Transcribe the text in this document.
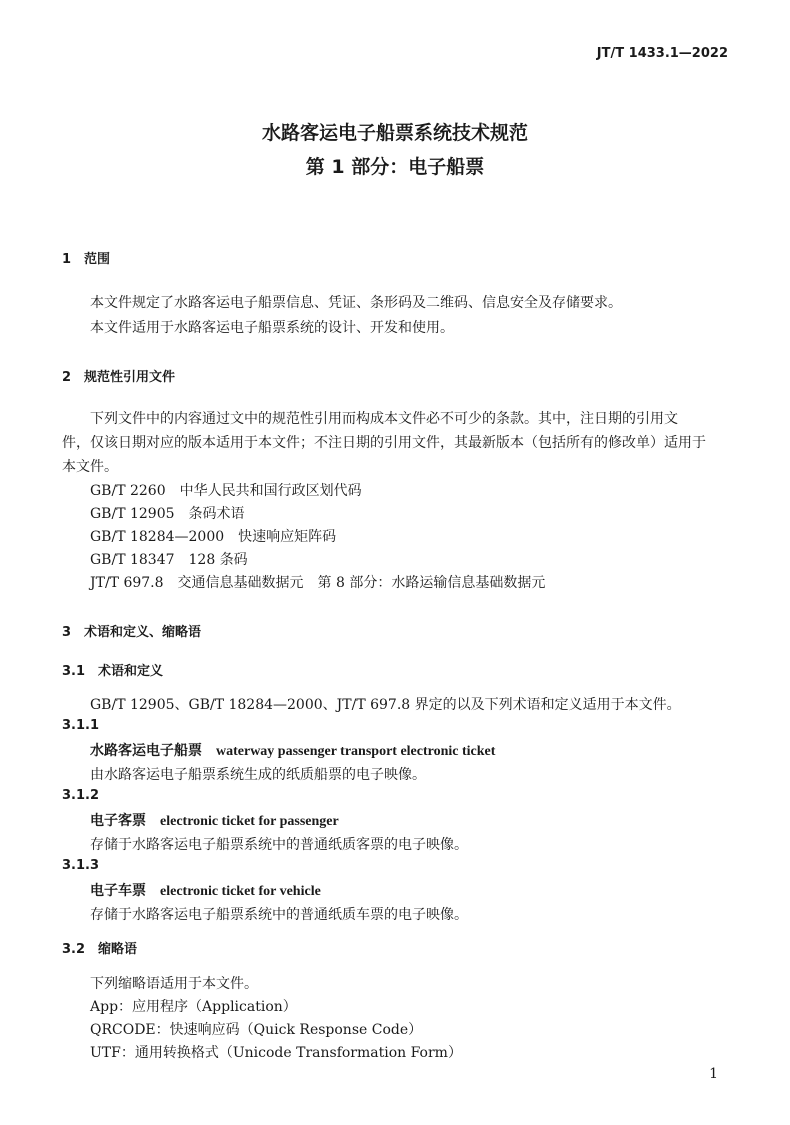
JT/T 1433.1—2022
水路客运电子船票系统技术规范
第 1 部分：电子船票
1　范围
本文件规定了水路客运电子船票信息、凭证、条形码及二维码、信息安全及存储要求。
本文件适用于水路客运电子船票系统的设计、开发和使用。
2　规范性引用文件
下列文件中的内容通过文中的规范性引用而构成本文件必不可少的条款。其中，注日期的引用文
件，仅该日期对应的版本适用于本文件；不注日期的引用文件，其最新版本（包括所有的修改单）适用于
本文件。
GB/T 2260　 中华人民共和国行政区划代码
GB/T 12905　 条码术语
GB/T 18284—2000　 快速响应矩阵码
GB/T 18347　 128 条码
JT/T 697.8　 交通信息基础数据元　第 8 部分：水路运输信息基础数据元
3　术语和定义、缩略语
3.1　术语和定义
GB/T 12905、GB/T 18284—2000、JT/T 697.8 界定的以及下列术语和定义适用于本文件。
3.1.1
水路客运电子船票 waterway passenger transport electronic ticket
由水路客运电子船票系统生成的纸质船票的电子映像。
3.1.2
电子客票 electronic ticket for passenger
存储于水路客运电子船票系统中的普通纸质客票的电子映像。
3.1.3
电子车票 electronic ticket for vehicle
存储于水路客运电子船票系统中的普通纸质车票的电子映像。
3.2　缩略语
下列缩略语适用于本文件。
App：应用程序（Application）
QRCODE：快速响应码（Quick Response Code）
UTF：通用转换格式（Unicode Transformation Form）
1
